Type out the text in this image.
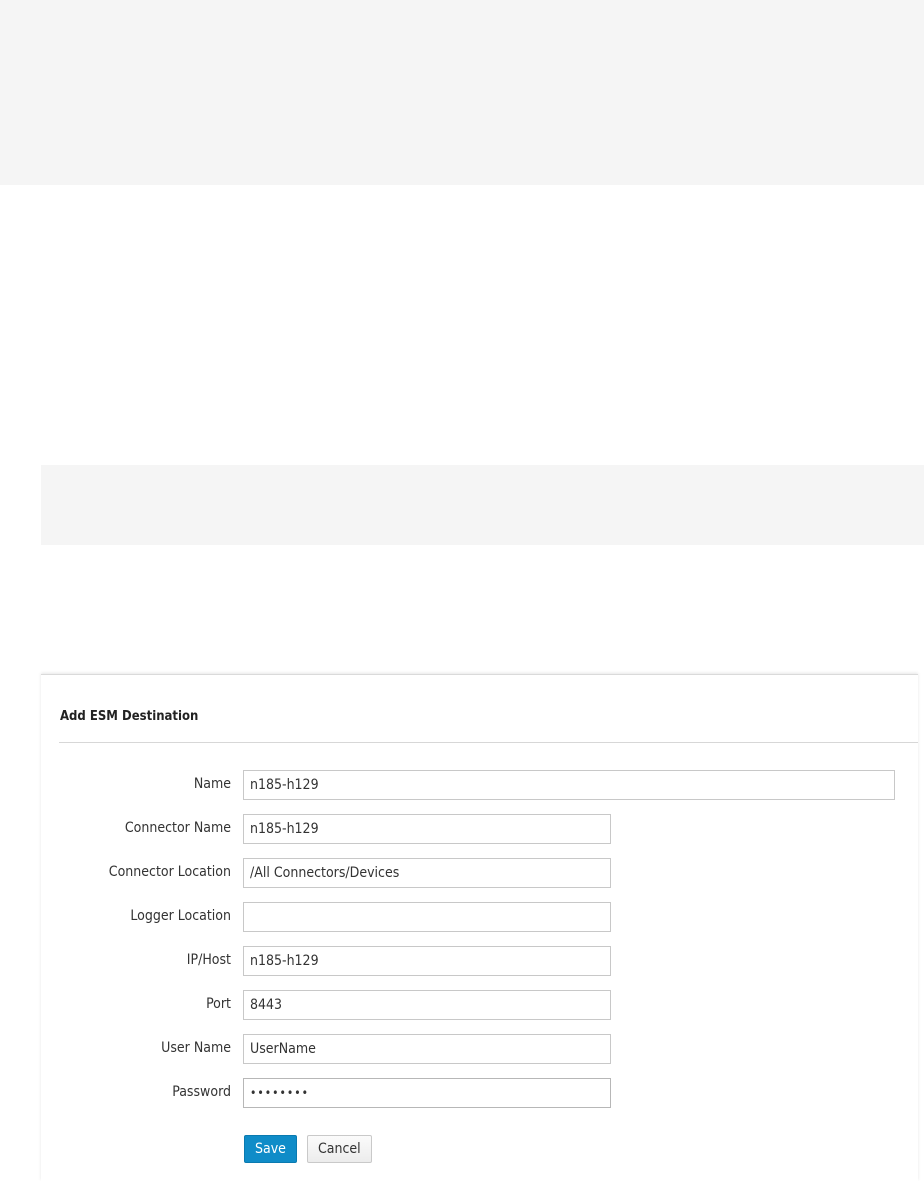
Add ESM Destination
Name
n185-h129
Connector Name
n185-h129
Connector Location
/All Connectors/Devices
Logger Location
IP/Host
n185-h129
Port
8443
User Name
UserName
Password
Save	Cancel
